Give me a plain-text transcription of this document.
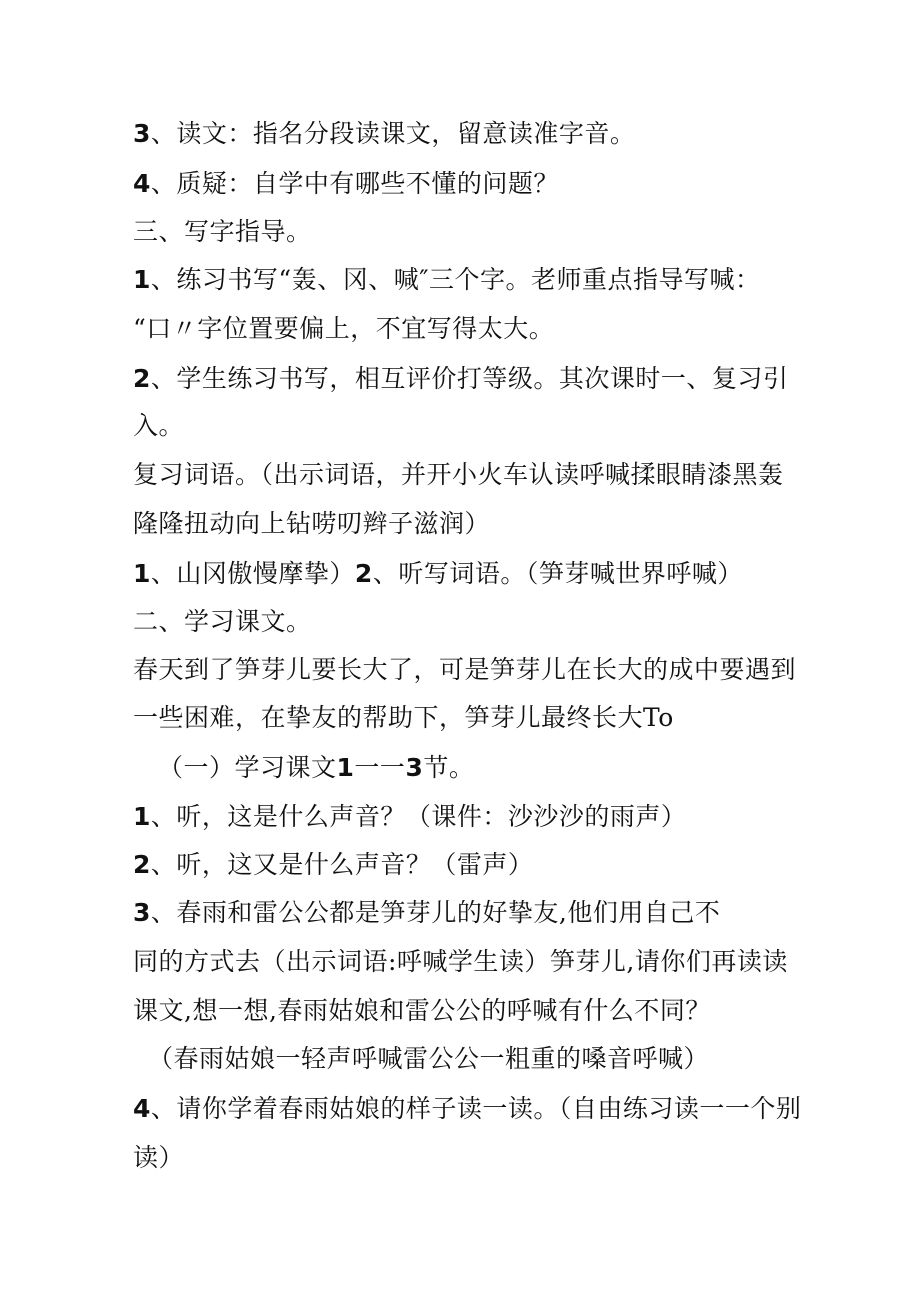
3、读文：指名分段读课文，留意读准字音。
4、质疑：自学中有哪些不懂的问题？
三、写字指导。
1、练习书写“轰、冈、喊″三个字。老师重点指导写喊：
“口〃字位置要偏上，不宜写得太大。
2、学生练习书写，相互评价打等级。其次课时一、复习引
入。
复习词语。（出示词语，并开小火车认读呼喊揉眼睛漆黑轰
隆隆扭动向上钻唠叨辫子滋润）
1、山冈傲慢摩挚）2、听写词语。（笋芽喊世界呼喊）
二、学习课文。
春天到了笋芽儿要长大了，可是笋芽儿在长大的成中要遇到
一些困难，在挚友的帮助下，笋芽儿最终长大To
（一）学习课文1一一3节。
1、听，这是什么声音？（课件：沙沙沙的雨声）
2、听，这又是什么声音？（雷声）
3、春雨和雷公公都是笋芽儿的好挚友,他们用自己不
同的方式去（出示词语:呼喊学生读）笋芽儿,请你们再读读
课文,想一想,春雨姑娘和雷公公的呼喊有什么不同？
（春雨姑娘一轻声呼喊雷公公一粗重的嗓音呼喊）
4、请你学着春雨姑娘的样子读一读。（自由练习读一一个别
读）
